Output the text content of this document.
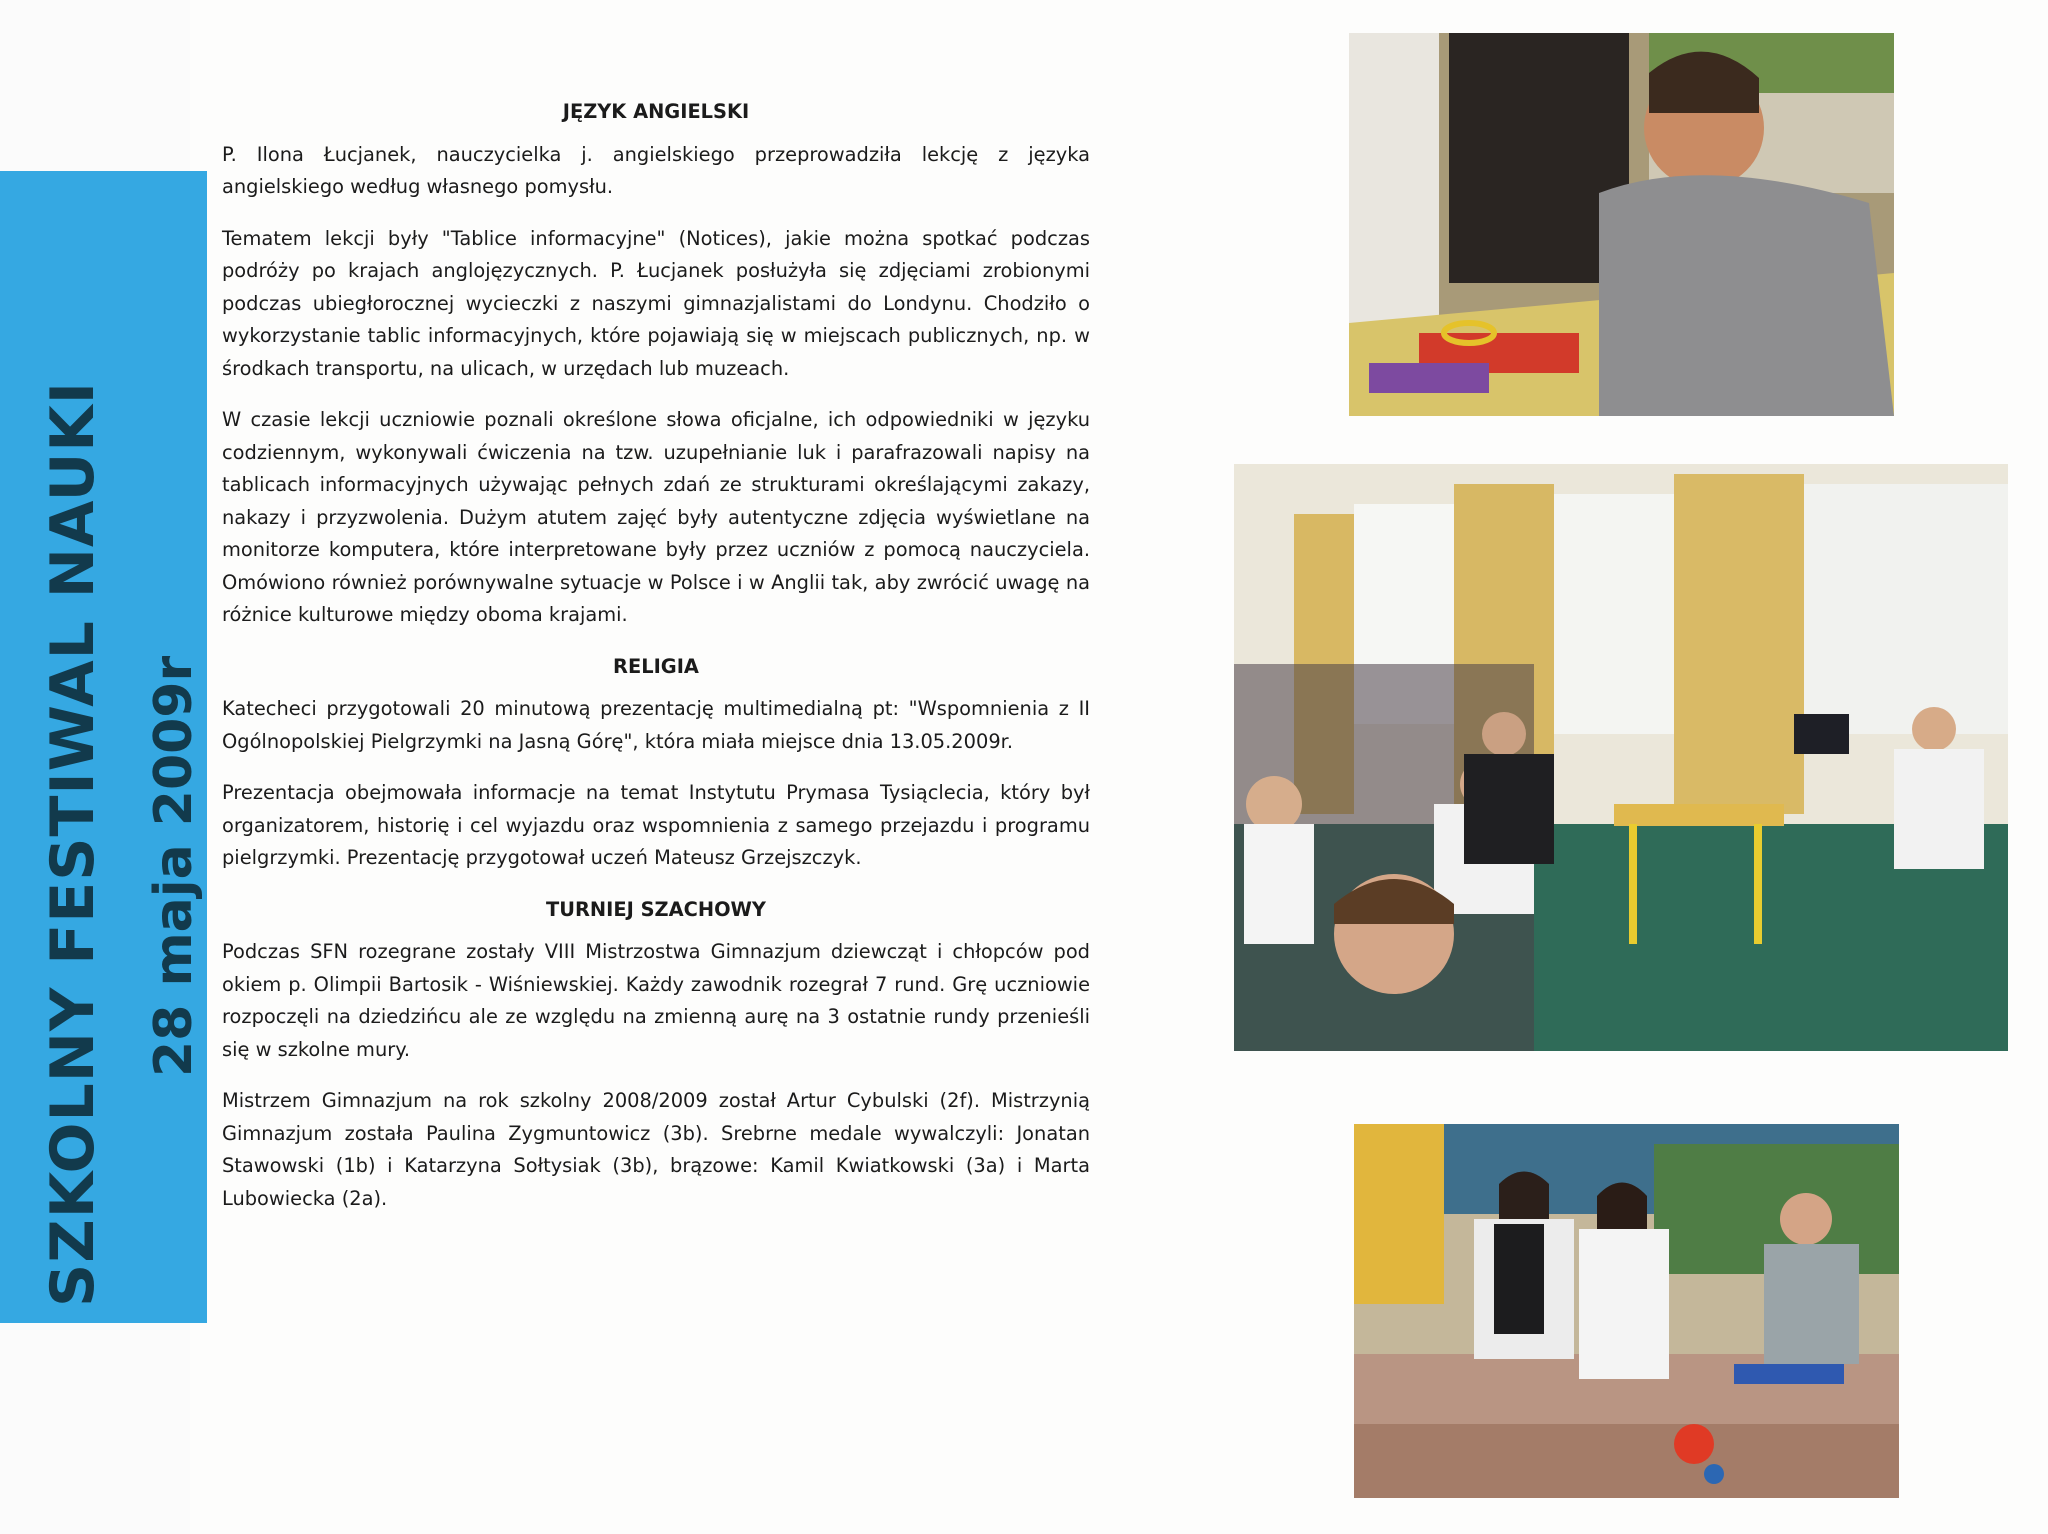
SZKOLNY FESTIWAL NAUKI 28 maja 2009r
JĘZYK ANGIELSKI

P. Ilona Łucjanek, nauczycielka j. angielskiego przeprowadziła lekcję z języka angielskiego według własnego pomysłu.

Tematem lekcji były "Tablice informacyjne" (Notices), jakie można spotkać podczas podróży po krajach anglojęzycznych. P. Łucjanek posłużyła się zdjęciami zrobionymi podczas ubiegłorocznej wycieczki z naszymi gimnazjalistami do Londynu. Chodziło o wykorzystanie tablic informacyjnych, które pojawiają się w miejscach publicznych, np. w środkach transportu, na ulicach, w urzędach lub muzeach.

W czasie lekcji uczniowie poznali określone słowa oficjalne, ich odpowiedniki w języku codziennym, wykonywali ćwiczenia na tzw. uzupełnianie luk i parafrazowali napisy na tablicach informacyjnych używając pełnych zdań ze strukturami określającymi zakazy, nakazy i przyzwolenia. Dużym atutem zajęć były autentyczne zdjęcia wyświetlane na monitorze komputera, które interpretowane były przez uczniów z pomocą nauczyciela. Omówiono również porównywalne sytuacje w Polsce i w Anglii tak, aby zwrócić uwagę na różnice kulturowe między oboma krajami.

RELIGIA

Katecheci przygotowali 20 minutową prezentację multimedialną pt: "Wspomnienia z II Ogólnopolskiej Pielgrzymki na Jasną Górę", która miała miejsce dnia 13.05.2009r.

Prezentacja obejmowała informacje na temat Instytutu Prymasa Tysiąclecia, który był organizatorem, historię i cel wyjazdu oraz wspomnienia z samego przejazdu i programu pielgrzymki. Prezentację przygotował uczeń Mateusz Grzejszczyk.

TURNIEJ SZACHOWY

Podczas SFN rozegrane zostały VIII Mistrzostwa Gimnazjum dziewcząt i chłopców pod okiem p. Olimpii Bartosik - Wiśniewskiej. Każdy zawodnik rozegrał 7 rund. Grę uczniowie rozpoczęli na dziedzińcu ale ze względu na zmienną aurę na 3 ostatnie rundy przenieśli się w szkolne mury.

Mistrzem Gimnazjum na rok szkolny 2008/2009 został Artur Cybulski (2f). Mistrzynią Gimnazjum została Paulina Zygmuntowicz (3b). Srebrne medale wywalczyli: Jonatan Stawowski (1b) i Katarzyna Sołtysiak (3b), brązowe: Kamil Kwiatkowski (3a) i Marta Lubowiecka (2a).
